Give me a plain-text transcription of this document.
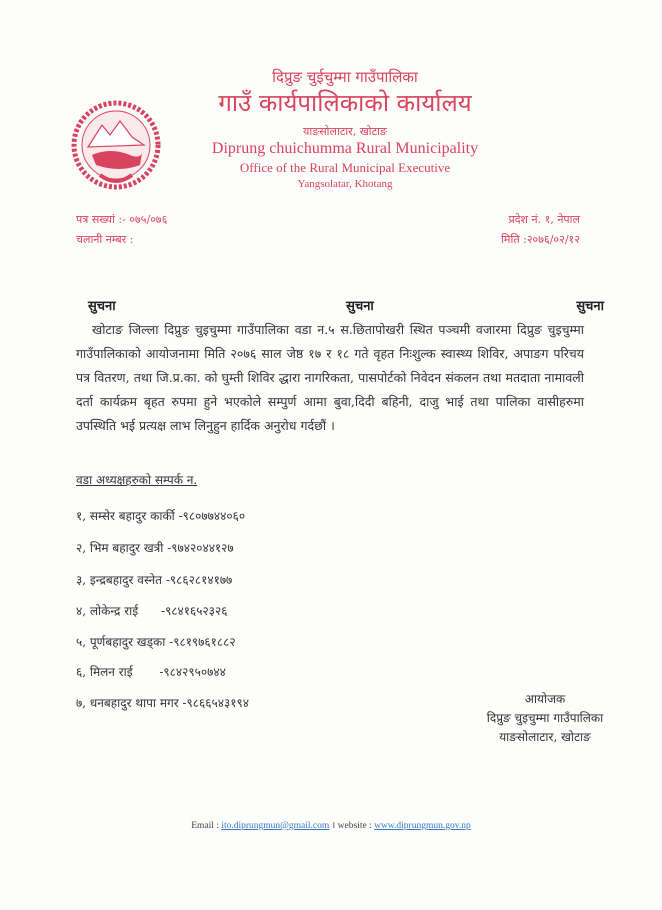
दिप्रुङ चुईचुम्मा गाउँपालिका
गाउँ कार्यपालिकाको कार्यालय
याङसोलाटार, खोटाङ
Diprung chuichumma Rural Municipality
Office of the Rural Municipal Executive
Yangsolatar, Khotang
पत्र सख्यां :- ०७५/०७६
चलानी नम्बर :
प्रदेश नं. १, नेपाल
मिति :२०७६/०२/१२
सुचना	सुचना	सुचना
खोटाङ जिल्ला दिप्रुङ चुइचुम्मा गाउँपालिका वडा न.५ स.छितापोखरी स्थित पञ्चमी वजारमा दिप्रुङ चुइचुम्मा गाउँपालिकाको आयोजनामा मिति २०७६ साल जेष्ठ १७ र १८ गते वृहत निःशुल्क स्वास्थ्य शिविर, अपाङग परिचय पत्र वितरण, तथा जि.प्र.का. को घुम्ती शिविर द्धारा नागरिकता, पासपोर्टको निवेदन संकलन तथा मतदाता नामावली दर्ता कार्यक्रम बृहत रुपमा हुने भएकोले सम्पुर्ण आमा बुवा,दिदी बहिनी, दाजु भाई तथा पालिका वासीहरुमा उपस्थिति भई प्रत्यक्ष लाभ लिनुहुन हार्दिक अनुरोध गर्दछौं ।
वडा अध्यक्षहरुको सम्पर्क न.
१, सम्सेर बहादुर कार्की -९८०७७४४०६०
२, भिम बहादुर खत्री -९७४२०४४१२७
३, इन्द्रबहादुर वस्नेत -९८६२८१४१७७
४, लोकेन्द्र राई      -९८४१६५२३२६
५, पूर्णबहादुर खड्का -९८१९७६१८८२
६, मिलन राई       -९८४२९५०७४४
७, धनबहादुर थापा मगर -९८६६५४३१९४	आयोजक
दिप्रुङ चुइचुम्मा गाउँपालिका
याङसोलाटार, खोटाङ
Email : ito.diprungmun@gmail.com । website : www.diprungmun.gov.np
